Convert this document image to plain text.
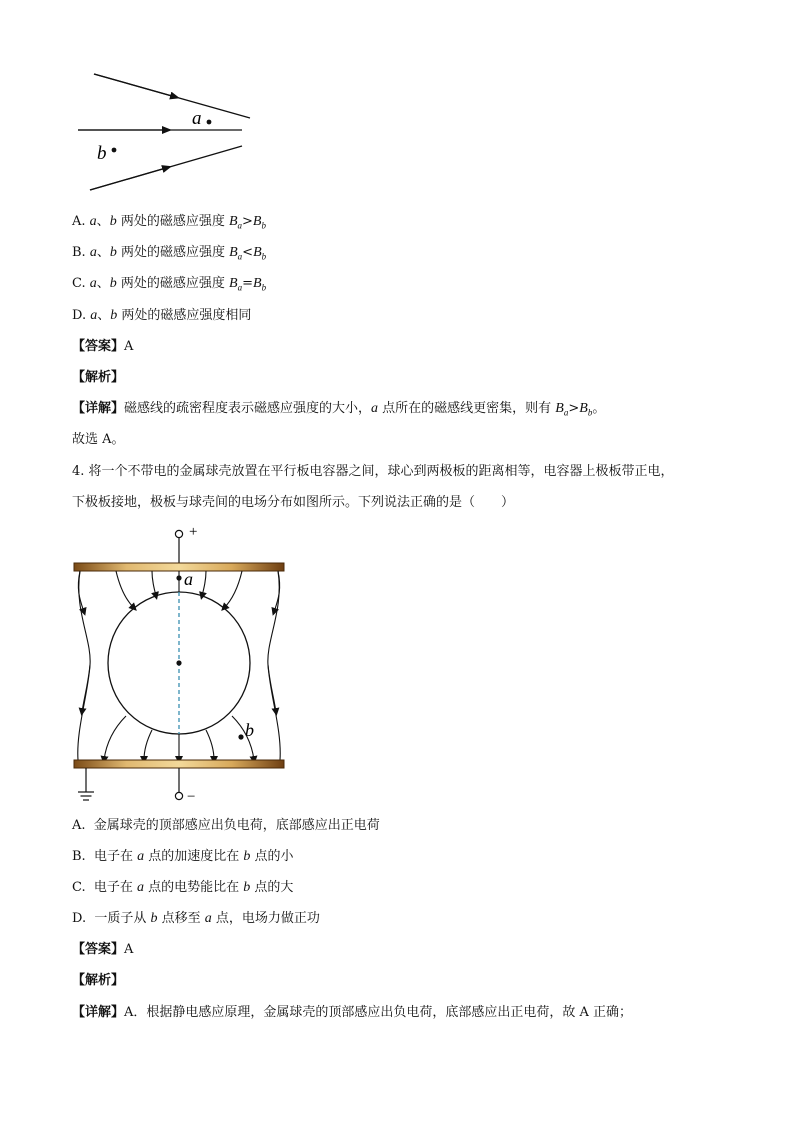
a
b
A. a、b 两处的磁感应强度 $B_a>B_b$
B. a、b 两处的磁感应强度 $B_a<B_b$
C. a、b 两处的磁感应强度 $B_a=B_b$
D. a、b 两处的磁感应强度相同
【答案】A
【解析】
【详解】磁感线的疏密程度表示磁感应强度的大小，a 点所在的磁感线更密集，则有 $B_a>B_b$。
故选 A。
4. 将一个不带电的金属球壳放置在平行板电容器之间，球心到两极板的距离相等，电容器上极板带正电，
下极板接地，极板与球壳间的电场分布如图所示。下列说法正确的是（　　）
+
a
b
−
A. 金属球壳的顶部感应出负电荷，底部感应出正电荷
B. 电子在 a 点的加速度比在 b 点的小
C. 电子在 a 点的电势能比在 b 点的大
D. 一质子从 b 点移至 a 点，电场力做正功
【答案】A
【解析】
【详解】A．根据静电感应原理，金属球壳的顶部感应出负电荷，底部感应出正电荷，故 A 正确；
